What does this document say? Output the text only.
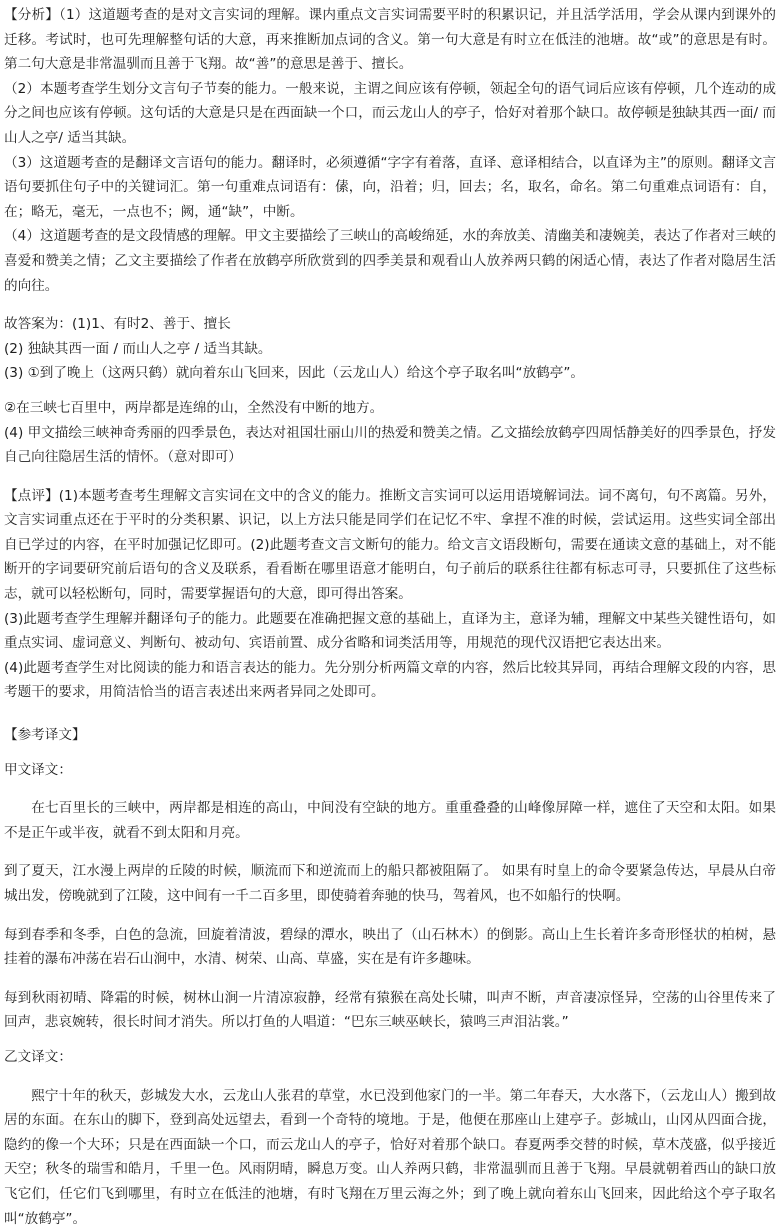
【分析】（1）这道题考查的是对文言实词的理解。课内重点文言实词需要平时的积累识记，并且活学活用，学会从课内到课外的迁移。考试时，也可先理解整句话的大意，再来推断加点词的含义。第一句大意是有时立在低洼的池塘。故“或”的意思是有时。第二句大意是非常温驯而且善于飞翔。故“善”的意思是善于、擅长。

（2）本题考查学生划分文言句子节奏的能力。一般来说，主谓之间应该有停顿，领起全句的语气词后应该有停顿，几个连动的成分之间也应该有停顿。这句话的大意是只是在西面缺一个口，而云龙山人的亭子，恰好对着那个缺口。故停顿是独缺其西一面/ 而山人之亭/ 适当其缺。

（3）这道题考查的是翻译文言语句的能力。翻译时，必须遵循“字字有着落，直译、意译相结合，以直译为主”的原则。翻译文言语句要抓住句子中的关键词汇。第一句重难点词语有：傃，向，沿着；归，回去；名，取名，命名。第二句重难点词语有：自，在；略无，毫无，一点也不；阙，通“缺”，中断。

（4）这道题考查的是文段情感的理解。甲文主要描绘了三峡山的高峻绵延，水的奔放美、清幽美和凄婉美，表达了作者对三峡的喜爱和赞美之情；乙文主要描绘了作者在放鹤亭所欣赏到的四季美景和观看山人放养两只鹤的闲适心情，表达了作者对隐居生活的向往。

故答案为：(1)1、有时2、善于、擅长

(2) 独缺其西一面 / 而山人之亭 / 适当其缺。

(3) ①到了晚上（这两只鹤）就向着东山飞回来，因此（云龙山人）给这个亭子取名叫“放鹤亭”。

②在三峡七百里中，两岸都是连绵的山，全然没有中断的地方。

(4) 甲文描绘三峡神奇秀丽的四季景色，表达对祖国壮丽山川的热爱和赞美之情。乙文描绘放鹤亭四周恬静美好的四季景色，抒发自己向往隐居生活的情怀。（意对即可）

【点评】(1)本题考查考生理解文言实词在文中的含义的能力。推断文言实词可以运用语境解词法。词不离句，句不离篇。另外，文言实词重点还在于平时的分类积累、识记，以上方法只能是同学们在记忆不牢、拿捏不准的时候，尝试运用。这些实词全部出自已学过的内容，在平时加强记忆即可。(2)此题考查文言文断句的能力。给文言文语段断句，需要在通读文意的基础上，对不能断开的字词要研究前后语句的含义及联系，看看断在哪里语意才能明白，句子前后的联系往往都有标志可寻，只要抓住了这些标志，就可以轻松断句，同时，需要掌握语句的大意，即可得出答案。

(3)此题考查学生理解并翻译句子的能力。此题要在准确把握文意的基础上，直译为主，意译为辅，理解文中某些关键性语句，如重点实词、虚词意义、判断句、被动句、宾语前置、成分省略和词类活用等，用规范的现代汉语把它表达出来。

(4)此题考查学生对比阅读的能力和语言表达的能力。先分别分析两篇文章的内容，然后比较其异同，再结合理解文段的内容，思考题干的要求，用简洁恰当的语言表述出来两者异同之处即可。

【参考译文】

甲文译文：

在七百里长的三峡中，两岸都是相连的高山，中间没有空缺的地方。重重叠叠的山峰像屏障一样，遮住了天空和太阳。如果不是正午或半夜，就看不到太阳和月亮。

到了夏天，江水漫上两岸的丘陵的时候，顺流而下和逆流而上的船只都被阻隔了。 如果有时皇上的命令要紧急传达，早晨从白帝城出发，傍晚就到了江陵，这中间有一千二百多里，即使骑着奔驰的快马，驾着风，也不如船行的快啊。

每到春季和冬季，白色的急流，回旋着清波，碧绿的潭水，映出了（山石林木）的倒影。高山上生长着许多奇形怪状的柏树，悬挂着的瀑布冲荡在岩石山涧中，水清、树荣、山高、草盛，实在是有许多趣味。

每到秋雨初晴、降霜的时候，树林山涧一片清凉寂静，经常有猿猴在高处长啸，叫声不断，声音凄凉怪异，空荡的山谷里传来了回声，悲哀婉转，很长时间才消失。所以打鱼的人唱道：“巴东三峡巫峡长，猿鸣三声泪沾裳。”

乙文译文：

熙宁十年的秋天，彭城发大水，云龙山人张君的草堂，水已没到他家门的一半。第二年春天，大水落下，（云龙山人）搬到故居的东面。在东山的脚下，登到高处远望去，看到一个奇特的境地。于是，他便在那座山上建亭子。彭城山，山冈从四面合拢，隐约的像一个大环；只是在西面缺一个口，而云龙山人的亭子，恰好对着那个缺口。春夏两季交替的时候，草木茂盛，似乎接近天空；秋冬的瑞雪和皓月，千里一色。风雨阴晴，瞬息万变。山人养两只鹤，非常温驯而且善于飞翔。早晨就朝着西山的缺口放飞它们，任它们飞到哪里，有时立在低洼的池塘，有时飞翔在万里云海之外；到了晚上就向着东山飞回来，因此给这个亭子取名叫“放鹤亭”。
